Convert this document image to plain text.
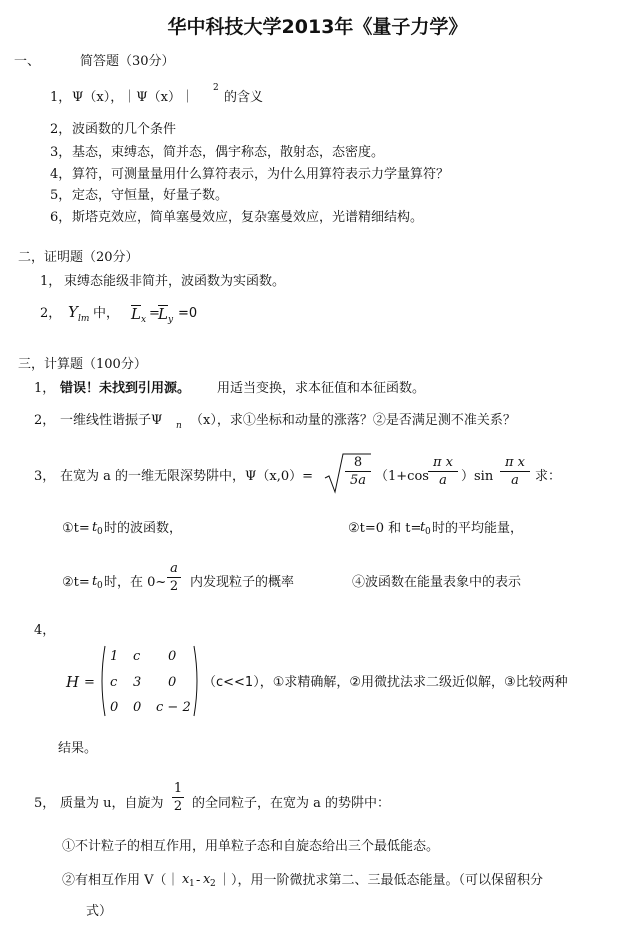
华中科技大学2013年《量子力学》
一、	简答题（30分）
1， Ψ（x），｜Ψ（x）｜
2
的含义
2， 波函数的几个条件
3， 基态，束缚态，简并态，偶宇称态，散射态，态密度。
4， 算符，可测量量用什么算符表示，为什么用算符表示力学量算符？
5， 定态，守恒量，好量子数。
6， 斯塔克效应，简单塞曼效应，复杂塞曼效应，光谱精细结构。
二，证明题（20分）
1， 束缚态能级非简并，波函数为实函数。
2， Y lm 中， L x =
L y =0
三，计算题（100分）
1， 错误！未找到引用源。 用适当变换，求本征值和本征函数。
2， 一维线性谐振子Ψ n （x），求①坐标和动量的涨落？②是否满足测不准关系？
3， 在宽为 a 的一维无限深势阱中，Ψ（x,0）=
8
5a （1+cos
π x
a	）sin
π x
a	求：
①t= t 0 时的波函数，	②t=0 和 t=
t 0 时的平均能量，
②t= t 0 时，在 0~
a
2 内发现粒子的概率	④波函数在能量表象中的表示
4，
H =
1 c 0
c 3 0
0 0 c − 2
（c<<1），①求精确解，②用微扰法求二级近似解，③比较两种
结果。
5， 质量为 u，自旋为
1
2 的全同粒子，在宽为 a 的势阱中：
①不计粒子的相互作用，用单粒子态和自旋态给出三个最低能态。
②有相互作用 V（｜ x 1 - x 2 ｜），用一阶微扰求第二、三最低态能量。（可以保留积分
式）
